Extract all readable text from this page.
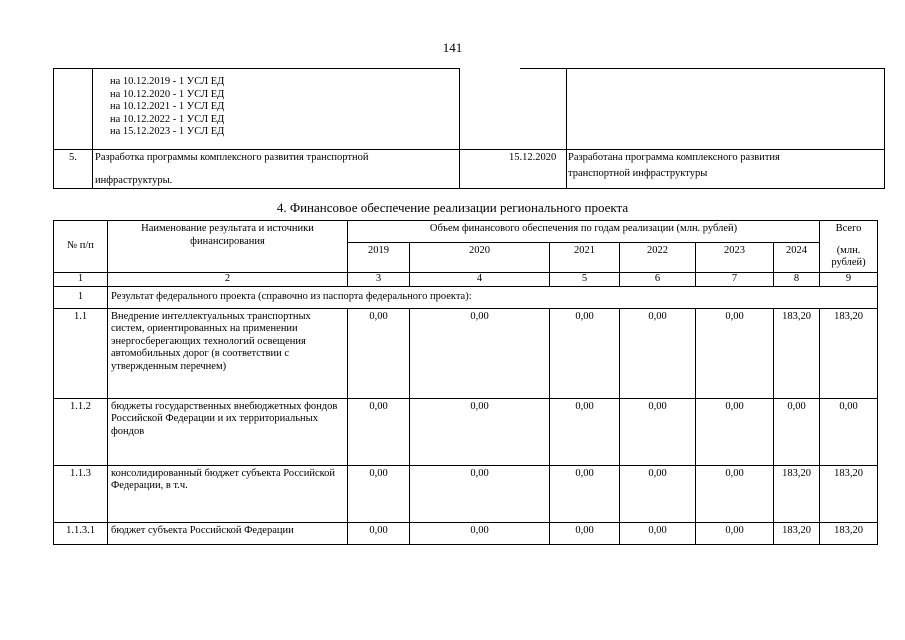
141
на 10.12.2019 - 1 УСЛ ЕД
на 10.12.2020 - 1 УСЛ ЕД
на 10.12.2021 - 1 УСЛ ЕД
на 10.12.2022 - 1 УСЛ ЕД
на 15.12.2023 - 1 УСЛ ЕД
5. Разработка программы комплексного развития транспортной
инфраструктуры.
15.12.2020 Разработана программа комплексного развития
транспортной инфраструктуры
4. Финансовое обеспечение реализации регионального проекта
№ п/п	Наименование результата и источники финансирования	Объем финансового обеспечения по годам реализации (млн. рублей)						Всего
		2019	2020	2021	2022	2023	2024	(млн. рублей)
1	2	3	4	5	6	7	8	9
1	Результат федерального проекта (справочно из паспорта федерального проекта):							
1.1	Внедрение интеллектуальных транспортных систем, ориентированных на применении энергосберегающих технологий освещения автомобильных дорог (в соответствии с утвержденным перечнем)	0,00	0,00	0,00	0,00	0,00	183,20	183,20
1.1.2	бюджеты государственных внебюджетных фондов Российской Федерации и их территориальных фондов	0,00	0,00	0,00	0,00	0,00	0,00	0,00
1.1.3	консолидированный бюджет субъекта Российской Федерации, в т.ч.	0,00	0,00	0,00	0,00	0,00	183,20	183,20
1.1.3.1	бюджет субъекта Российской Федерации	0,00	0,00	0,00	0,00	0,00	183,20	183,20
